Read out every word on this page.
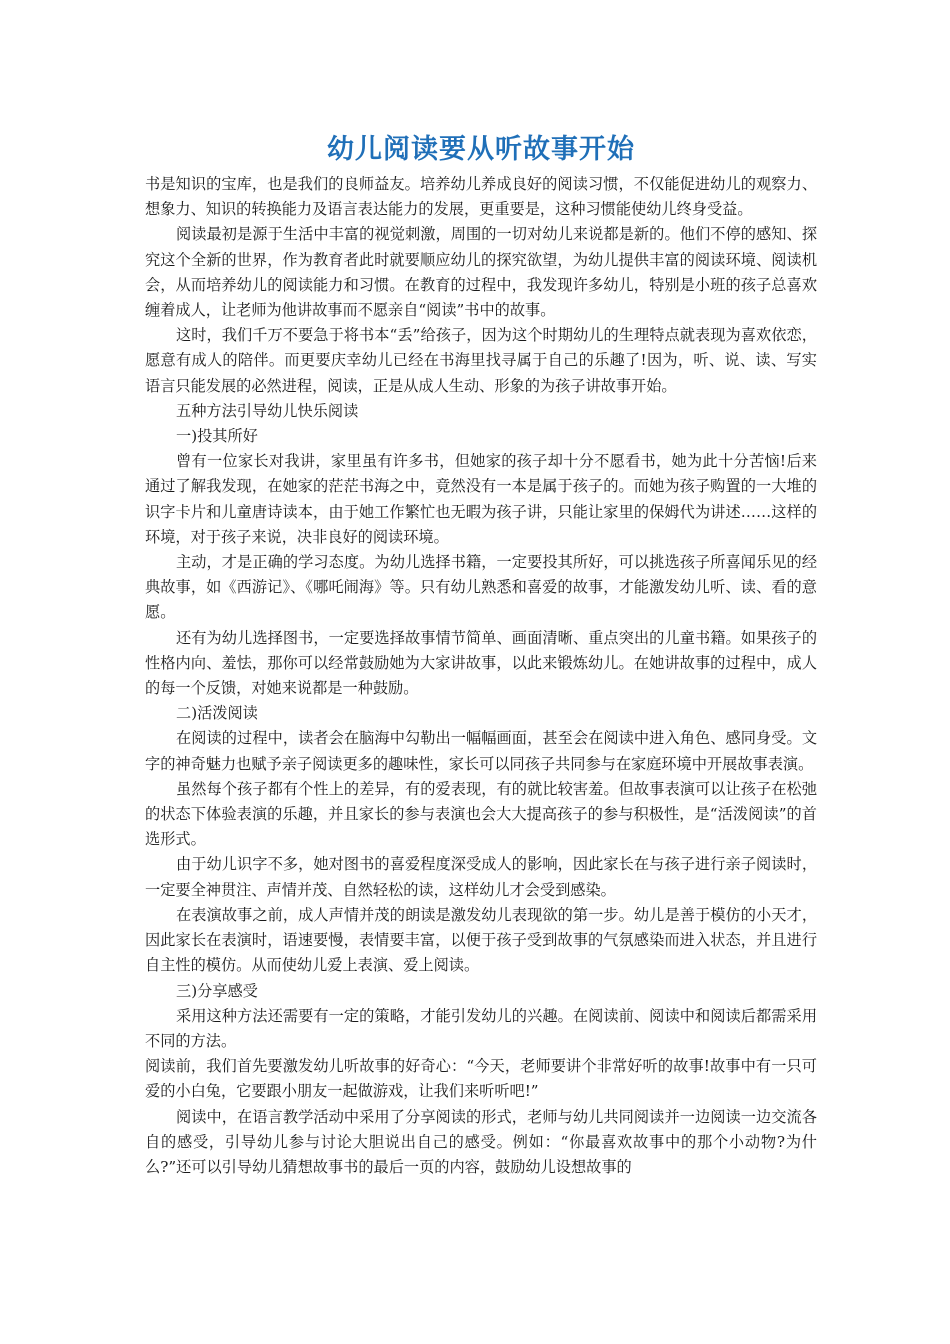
幼儿阅读要从听故事开始

书是知识的宝库，也是我们的良师益友。培养幼儿养成良好的阅读习惯，不仅能促进幼儿的观察力、想象力、知识的转换能力及语言表达能力的发展，更重要是，这种习惯能使幼儿终身受益。

阅读最初是源于生活中丰富的视觉刺激，周围的一切对幼儿来说都是新的。他们不停的感知、探究这个全新的世界，作为教育者此时就要顺应幼儿的探究欲望，为幼儿提供丰富的阅读环境、阅读机会，从而培养幼儿的阅读能力和习惯。在教育的过程中，我发现许多幼儿，特别是小班的孩子总喜欢缠着成人，让老师为他讲故事而不愿亲自“阅读”书中的故事。

这时，我们千万不要急于将书本“丢”给孩子，因为这个时期幼儿的生理特点就表现为喜欢依恋，愿意有成人的陪伴。而更要庆幸幼儿已经在书海里找寻属于自己的乐趣了!因为，听、说、读、写实语言只能发展的必然进程，阅读，正是从成人生动、形象的为孩子讲故事开始。

五种方法引导幼儿快乐阅读

一)投其所好

曾有一位家长对我讲，家里虽有许多书，但她家的孩子却十分不愿看书，她为此十分苦恼!后来通过了解我发现，在她家的茫茫书海之中，竟然没有一本是属于孩子的。而她为孩子购置的一大堆的识字卡片和儿童唐诗读本，由于她工作繁忙也无暇为孩子讲，只能让家里的保姆代为讲述……这样的环境，对于孩子来说，决非良好的阅读环境。

主动，才是正确的学习态度。为幼儿选择书籍，一定要投其所好，可以挑选孩子所喜闻乐见的经典故事，如《西游记》、《哪吒闹海》等。只有幼儿熟悉和喜爱的故事，才能激发幼儿听、读、看的意愿。

还有为幼儿选择图书，一定要选择故事情节简单、画面清晰、重点突出的儿童书籍。如果孩子的性格内向、羞怯，那你可以经常鼓励她为大家讲故事，以此来锻炼幼儿。在她讲故事的过程中，成人的每一个反馈，对她来说都是一种鼓励。

二)活泼阅读

在阅读的过程中，读者会在脑海中勾勒出一幅幅画面，甚至会在阅读中进入角色、感同身受。文字的神奇魅力也赋予亲子阅读更多的趣味性，家长可以同孩子共同参与在家庭环境中开展故事表演。

虽然每个孩子都有个性上的差异，有的爱表现，有的就比较害羞。但故事表演可以让孩子在松弛的状态下体验表演的乐趣，并且家长的参与表演也会大大提高孩子的参与积极性，是“活泼阅读”的首选形式。

由于幼儿识字不多，她对图书的喜爱程度深受成人的影响，因此家长在与孩子进行亲子阅读时，一定要全神贯注、声情并茂、自然轻松的读，这样幼儿才会受到感染。

在表演故事之前，成人声情并茂的朗读是激发幼儿表现欲的第一步。幼儿是善于模仿的小天才，因此家长在表演时，语速要慢，表情要丰富，以便于孩子受到故事的气氛感染而进入状态，并且进行自主性的模仿。从而使幼儿爱上表演、爱上阅读。

三)分享感受

采用这种方法还需要有一定的策略，才能引发幼儿的兴趣。在阅读前、阅读中和阅读后都需采用不同的方法。

阅读前，我们首先要激发幼儿听故事的好奇心：“今天，老师要讲个非常好听的故事!故事中有一只可爱的小白兔，它要跟小朋友一起做游戏，让我们来听听吧!”

阅读中，在语言教学活动中采用了分享阅读的形式，老师与幼儿共同阅读并一边阅读一边交流各自的感受，引导幼儿参与讨论大胆说出自己的感受。例如：“你最喜欢故事中的那个小动物?为什么?”还可以引导幼儿猜想故事书的最后一页的内容，鼓励幼儿设想故事的
